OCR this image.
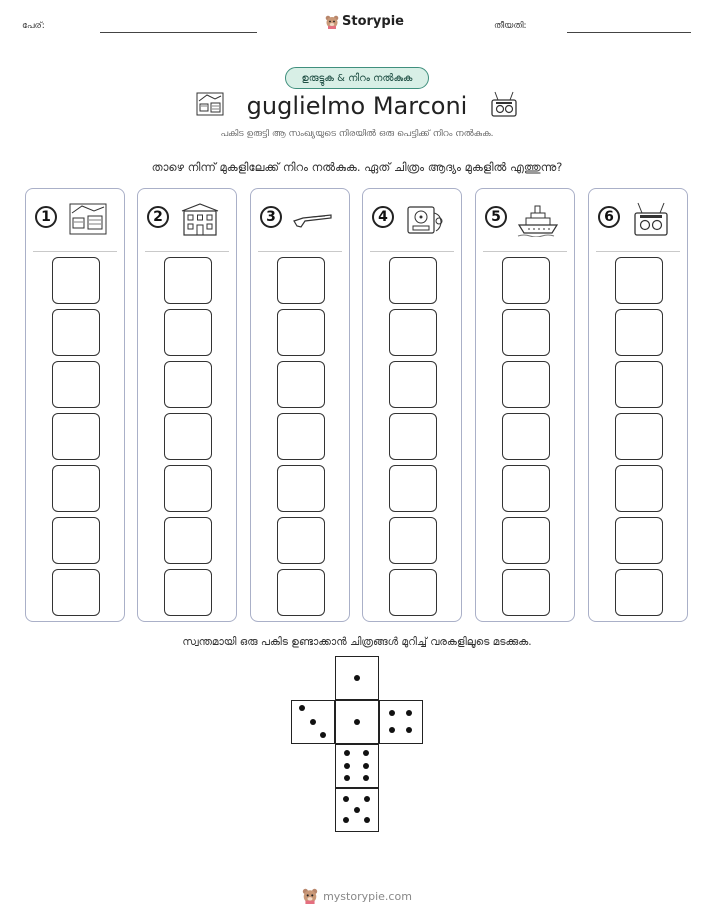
പേര്:	Storypie	തീയതി:
ഉരുട്ടുക & നിറം നൽകുക
guglielmo Marconi
പകിട ഉരുട്ടി ആ സംഖ്യയുടെ നിരയിൽ ഒരു പെട്ടിക്ക് നിറം നൽകുക.
താഴെ നിന്ന് മുകളിലേക്ക് നിറം നൽകുക. ഏത് ചിത്രം ആദ്യം മുകളിൽ എത്തുന്നു?
1	2	3	4	5	6
സ്വന്തമായി ഒരു പകിട ഉണ്ടാക്കാൻ ചിത്രങ്ങൾ മുറിച്ച് വരകളിലൂടെ മടക്കുക.
mystorypie.com
